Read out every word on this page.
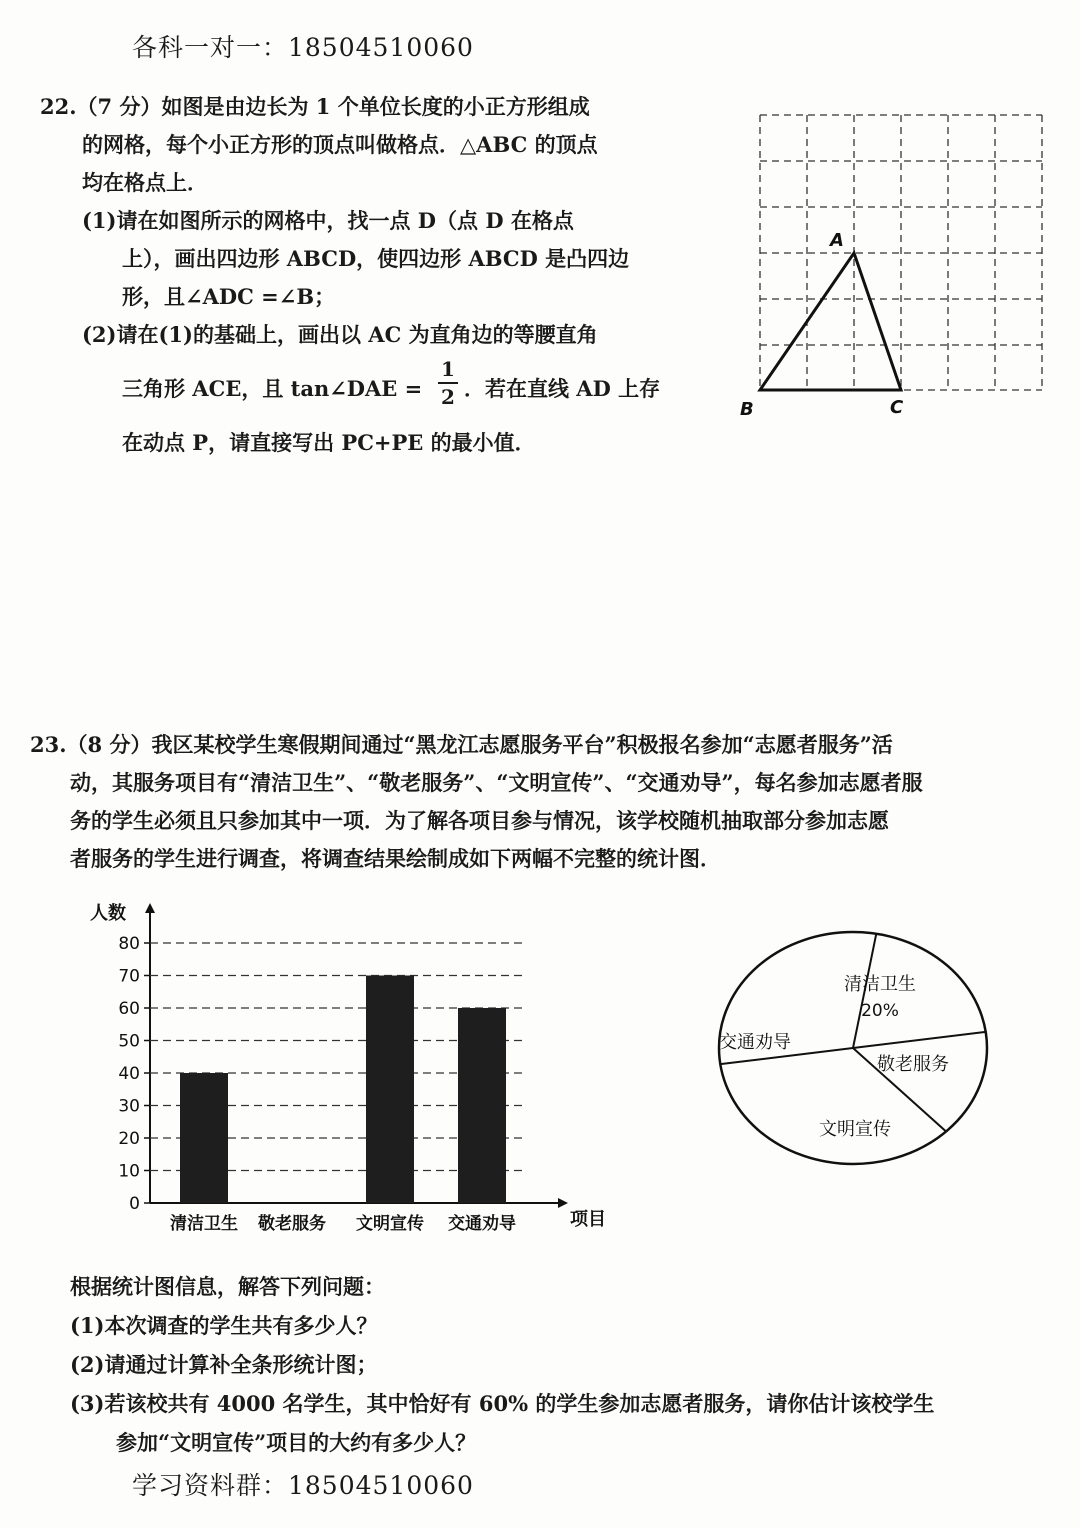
各科一对一：18504510060
22.（7 分）如图是由边长为 1 个单位长度的小正方形组成
的网格，每个小正方形的顶点叫做格点．△ABC 的顶点
均在格点上．
(1)请在如图所示的网格中，找一点 D（点 D 在格点
上），画出四边形 ABCD，使四边形 ABCD 是凸四边
形，且∠ADC =∠B；
(2)请在(1)的基础上，画出以 AC 为直角边的等腰直角
三角形 ACE，且 tan∠DAE =
1
2 ．若在直线 AD 上存
在动点 P，请直接写出 PC+PE 的最小值．
A
B	C
23.（8 分）我区某校学生寒假期间通过“黑龙江志愿服务平台”积极报名参加“志愿者服务”活
动，其服务项目有“清洁卫生”、“敬老服务”、“文明宣传”、“交通劝导”，每名参加志愿者服
务的学生必须且只参加其中一项．为了解各项目参与情况，该学校随机抽取部分参加志愿
者服务的学生进行调查，将调查结果绘制成如下两幅不完整的统计图．
人数
项目
0
10
20
30
40
50
60
70
80
清洁卫生 敬老服务 文明宣传 交通劝导
清洁卫生
20%
敬老服务
文明宣传
交通劝导
根据统计图信息，解答下列问题：
(1)本次调查的学生共有多少人？
(2)请通过计算补全条形统计图；
(3)若该校共有 4000 名学生，其中恰好有 60% 的学生参加志愿者服务，请你估计该校学生
参加“文明宣传”项目的大约有多少人？
学习资料群：18504510060
